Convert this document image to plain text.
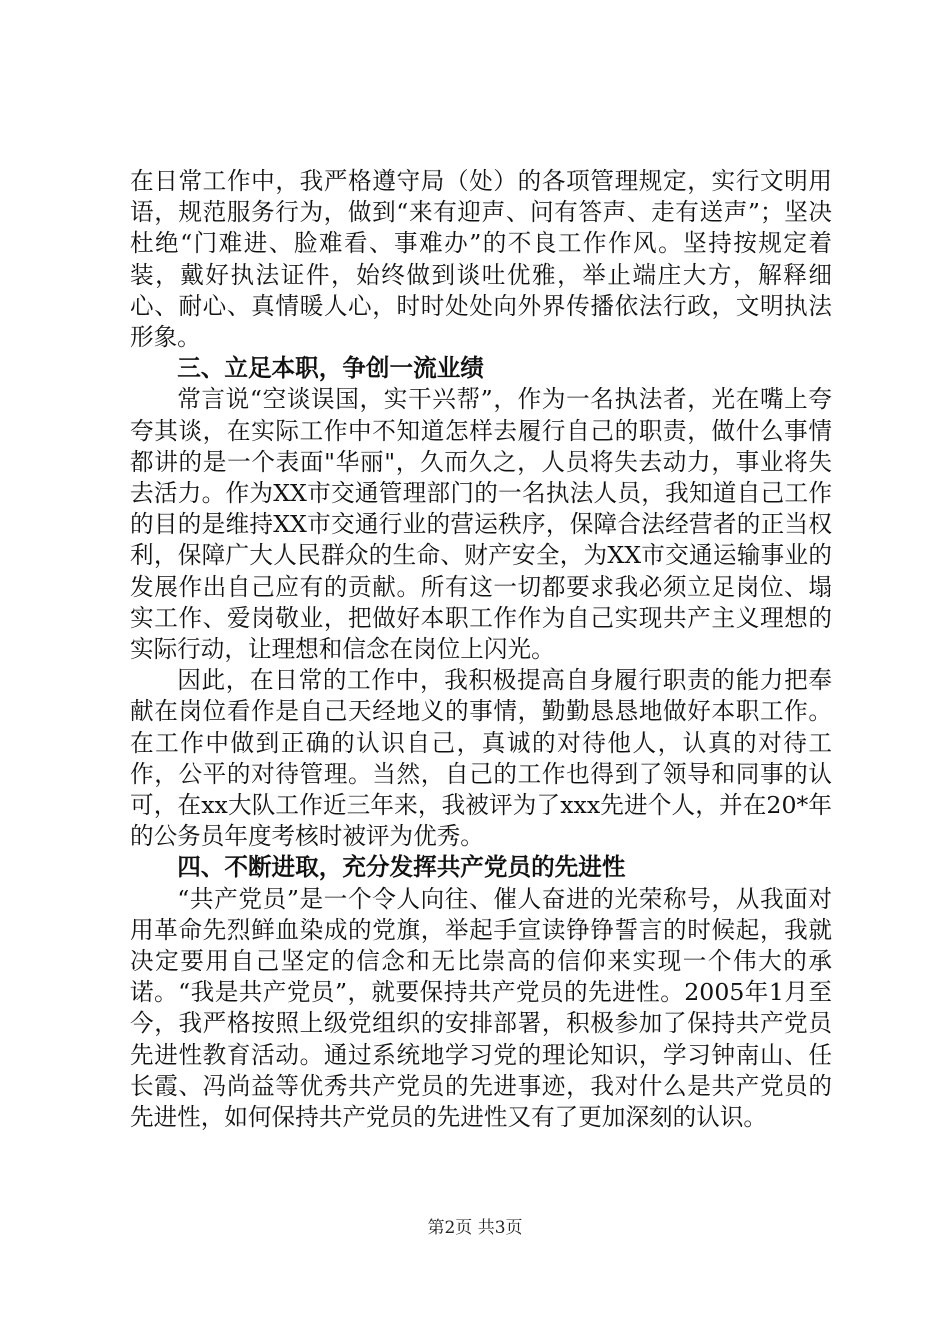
在日常工作中，我严格遵守局（处）的各项管理规定，实行文明用语，规范服务行为，做到“来有迎声、问有答声、走有送声”；坚决杜绝“门难进、脸难看、事难办”的不良工作作风。坚持按规定着装，戴好执法证件，始终做到谈吐优雅，举止端庄大方，解释细心、耐心、真情暖人心，时时处处向外界传播依法行政，文明执法形象。

三、立足本职，争创一流业绩

常言说“空谈误国，实干兴帮”，作为一名执法者，光在嘴上夸夸其谈，在实际工作中不知道怎样去履行自己的职责，做什么事情都讲的是一个表面"华丽"，久而久之，人员将失去动力，事业将失去活力。作为XX市交通管理部门的一名执法人员，我知道自己工作的目的是维持XX市交通行业的营运秩序，保障合法经营者的正当权利，保障广大人民群众的生命、财产安全，为XX市交通运输事业的发展作出自己应有的贡献。所有这一切都要求我必须立足岗位、塌实工作、爱岗敬业，把做好本职工作作为自己实现共产主义理想的实际行动，让理想和信念在岗位上闪光。

因此，在日常的工作中，我积极提高自身履行职责的能力把奉献在岗位看作是自己天经地义的事情，勤勤恳恳地做好本职工作。在工作中做到正确的认识自己，真诚的对待他人，认真的对待工作，公平的对待管理。当然，自己的工作也得到了领导和同事的认可，在xx大队工作近三年来，我被评为了xxx先进个人，并在20*年的公务员年度考核时被评为优秀。

四、不断进取，充分发挥共产党员的先进性

“共产党员”是一个令人向往、催人奋进的光荣称号，从我面对用革命先烈鲜血染成的党旗，举起手宣读铮铮誓言的时候起，我就决定要用自己坚定的信念和无比崇高的信仰来实现一个伟大的承诺。“我是共产党员”，就要保持共产党员的先进性。2005年1月至今，我严格按照上级党组织的安排部署，积极参加了保持共产党员先进性教育活动。通过系统地学习党的理论知识，学习钟南山、任长霞、冯尚益等优秀共产党员的先进事迹，我对什么是共产党员的先进性，如何保持共产党员的先进性又有了更加深刻的认识。

第2页 共3页
